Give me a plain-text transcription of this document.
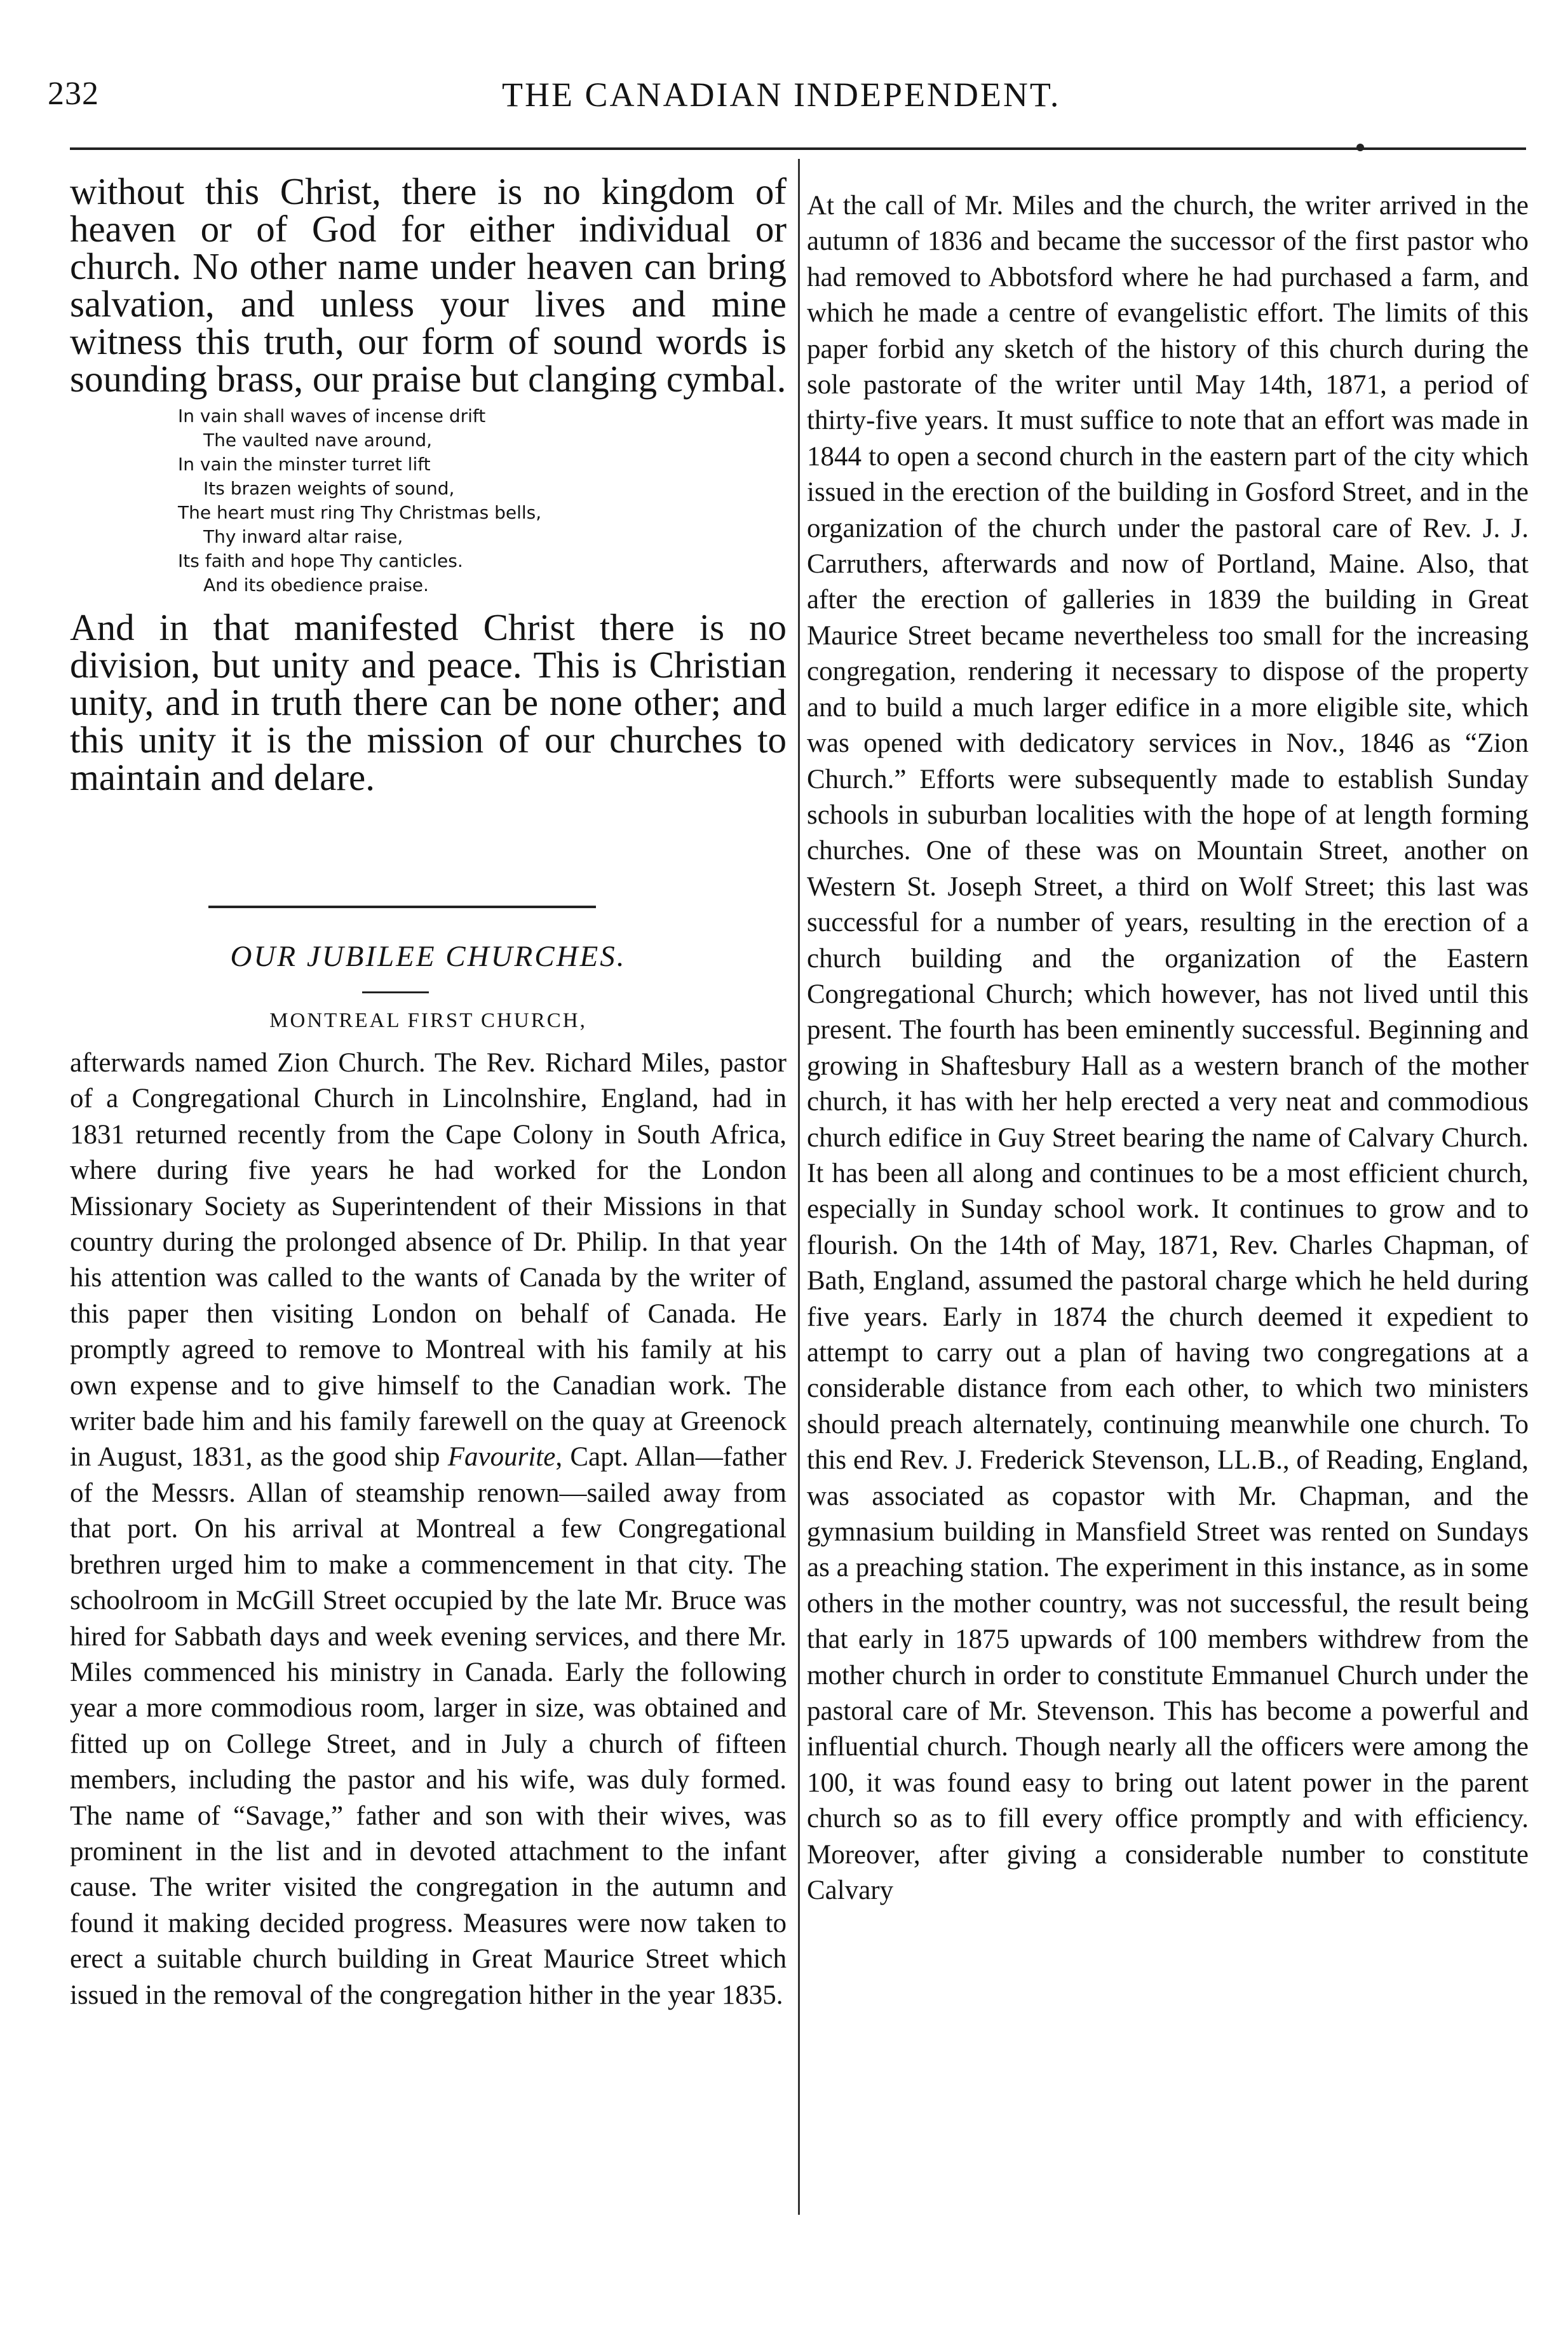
232	THE CANADIAN INDEPENDENT.

without this Christ, there is no kingdom of heaven or of God for either individual or church. No other name under heaven can bring salvation, and unless your lives and mine witness this truth, our form of sound words is sounding brass, our praise but clanging cymbal.

In vain shall waves of incense drift
The vaulted nave around,
In vain the minster turret lift
Its brazen weights of sound,
The heart must ring Thy Christmas bells,
Thy inward altar raise,
Its faith and hope Thy canticles.
And its obedience praise.

And in that manifested Christ there is no division, but unity and peace. This is Christian unity, and in truth there can be none other; and this unity it is the mission of our churches to maintain and delare.

OUR JUBILEE CHURCHES.
MONTREAL FIRST CHURCH,

afterwards named Zion Church. The Rev. Richard Miles, pastor of a Congregational Church in Lincolnshire, England, had in 1831 returned recently from the Cape Colony in South Africa, where during five years he had worked for the London Missionary Society as Superintendent of their Missions in that country during the prolonged absence of Dr. Philip. In that year his attention was called to the wants of Canada by the writer of this paper then visiting London on behalf of Canada. He promptly agreed to remove to Montreal with his family at his own expense and to give himself to the Canadian work. The writer bade him and his family farewell on the quay at Greenock in August, 1831, as the good ship Favourite, Capt. Allan—father of the Messrs. Allan of steamship renown—sailed away from that port. On his arrival at Montreal a few Congregational brethren urged him to make a commencement in that city. The schoolroom in McGill Street occupied by the late Mr. Bruce was hired for Sabbath days and week evening services, and there Mr. Miles commenced his ministry in Canada. Early the following year a more commodious room, larger in size, was obtained and fitted up on College Street, and in July a church of fifteen members, including the pastor and his wife, was duly formed. The name of “Savage,” father and son with their wives, was prominent in the list and in devoted attachment to the infant cause. The writer visited the congregation in the autumn and found it making decided progress. Measures were now taken to erect a suitable church building in Great Maurice Street which issued in the removal of the congregation hither in the year 1835.

At the call of Mr. Miles and the church, the writer arrived in the autumn of 1836 and became the successor of the first pastor who had removed to Abbotsford where he had purchased a farm, and which he made a centre of evangelistic effort. The limits of this paper forbid any sketch of the history of this church during the sole pastorate of the writer until May 14th, 1871, a period of thirty-five years. It must suffice to note that an effort was made in 1844 to open a second church in the eastern part of the city which issued in the erection of the building in Gosford Street, and in the organization of the church under the pastoral care of Rev. J. J. Carruthers, afterwards and now of Portland, Maine. Also, that after the erection of galleries in 1839 the building in Great Maurice Street became nevertheless too small for the increasing congregation, rendering it necessary to dispose of the property and to build a much larger edifice in a more eligible site, which was opened with dedicatory services in Nov., 1846 as “Zion Church.” Efforts were subsequently made to establish Sunday schools in suburban localities with the hope of at length forming churches. One of these was on Mountain Street, another on Western St. Joseph Street, a third on Wolf Street; this last was successful for a number of years, resulting in the erection of a church building and the organization of the Eastern Congregational Church; which however, has not lived until this present. The fourth has been eminently successful. Beginning and growing in Shaftesbury Hall as a western branch of the mother church, it has with her help erected a very neat and commodious church edifice in Guy Street bearing the name of Calvary Church. It has been all along and continues to be a most efficient church, especially in Sunday school work. It continues to grow and to flourish. On the 14th of May, 1871, Rev. Charles Chapman, of Bath, England, assumed the pastoral charge which he held during five years. Early in 1874 the church deemed it expedient to attempt to carry out a plan of having two congregations at a considerable distance from each other, to which two ministers should preach alternately, continuing meanwhile one church. To this end Rev. J. Frederick Stevenson, LL.B., of Reading, England, was associated as copastor with Mr. Chapman, and the gymnasium building in Mansfield Street was rented on Sundays as a preaching station. The experiment in this instance, as in some others in the mother country, was not successful, the result being that early in 1875 upwards of 100 members withdrew from the mother church in order to constitute Emmanuel Church under the pastoral care of Mr. Stevenson. This has become a powerful and influential church. Though nearly all the officers were among the 100, it was found easy to bring out latent power in the parent church so as to fill every office promptly and with efficiency. Moreover, after giving a considerable number to constitute Calvary
